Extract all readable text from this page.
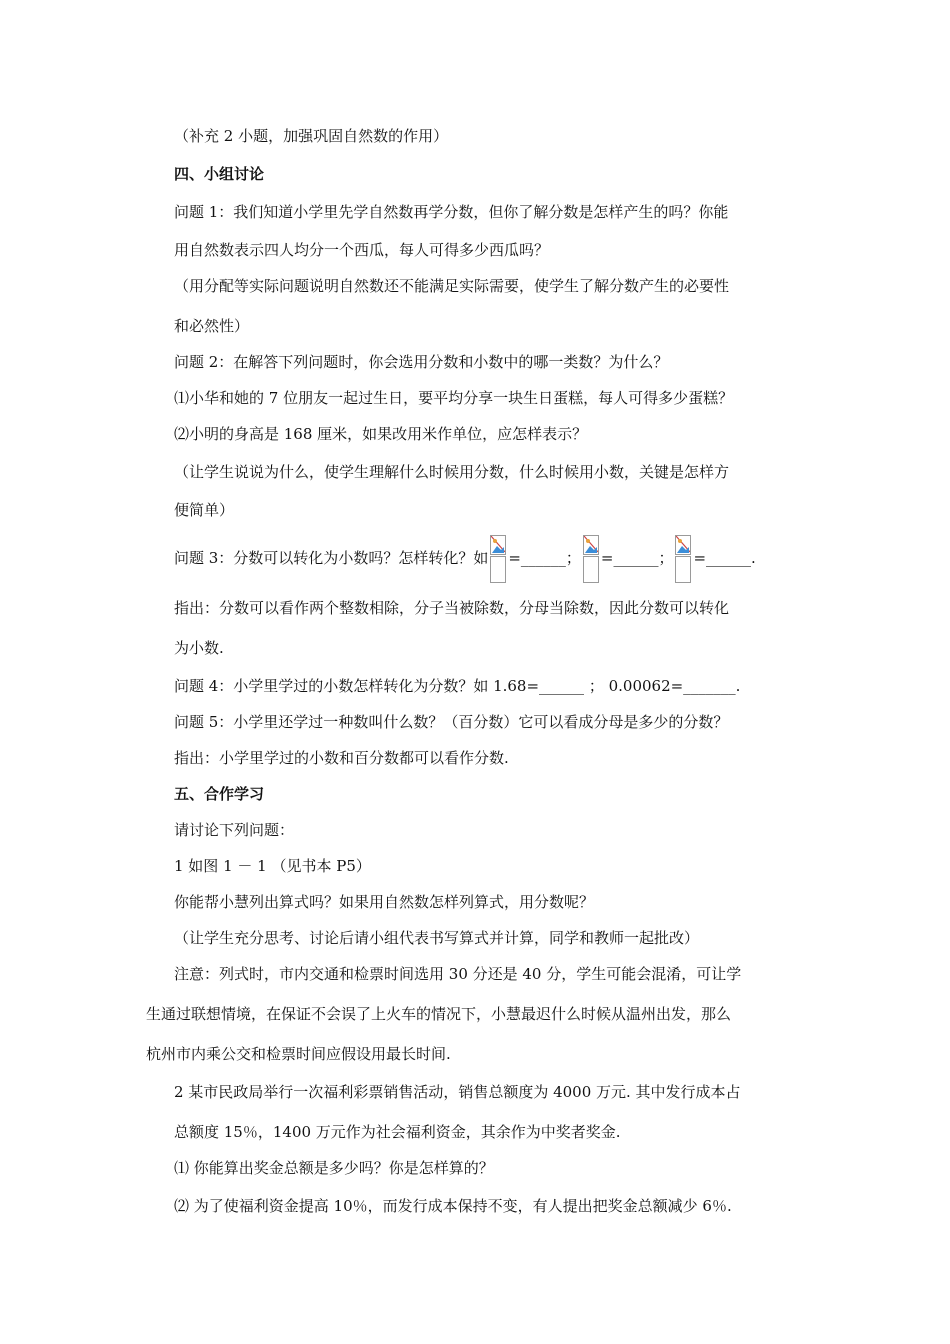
（补充 2 小题，加强巩固自然数的作用）
四、小组讨论
问题 1：我们知道小学里先学自然数再学分数，但你了解分数是怎样产生的吗？你能
用自然数表示四人均分一个西瓜，每人可得多少西瓜吗？
（用分配等实际问题说明自然数还不能满足实际需要，使学生了解分数产生的必要性
和必然性）
问题 2：在解答下列问题时，你会选用分数和小数中的哪一类数？为什么？
⑴小华和她的 7 位朋友一起过生日，要平均分享一块生日蛋糕，每人可得多少蛋糕？
⑵小明的身高是 168 厘米，如果改用米作单位，应怎样表示？
（让学生说说为什么，使学生理解什么时候用分数，什么时候用小数，关键是怎样方
便简单）
问题 3：分数可以转化为小数吗？怎样转化？如 =______； =______； =______.
指出：分数可以看作两个整数相除，分子当被除数，分母当除数，因此分数可以转化
为小数.
问题 4：小学里学过的小数怎样转化为分数？如 1.68=______ ； 0.00062=_______.
问题 5：小学里还学过一种数叫什么数？（百分数）它可以看成分母是多少的分数？
指出：小学里学过的小数和百分数都可以看作分数.
五、合作学习
请讨论下列问题：
1 如图 1 － 1 （见书本 P5）
你能帮小慧列出算式吗？如果用自然数怎样列算式，用分数呢？
（让学生充分思考、讨论后请小组代表书写算式并计算，同学和教师一起批改）
注意：列式时，市内交通和检票时间选用 30 分还是 40 分，学生可能会混淆，可让学
生通过联想情境，在保证不会误了上火车的情况下，小慧最迟什么时候从温州出发，那么
杭州市内乘公交和检票时间应假设用最长时间.
2 某市民政局举行一次福利彩票销售活动，销售总额度为 4000 万元. 其中发行成本占
总额度 15％，1400 万元作为社会福利资金，其余作为中奖者奖金.
⑴ 你能算出奖金总额是多少吗？你是怎样算的？
⑵ 为了使福利资金提高 10％，而发行成本保持不变，有人提出把奖金总额减少 6％.
